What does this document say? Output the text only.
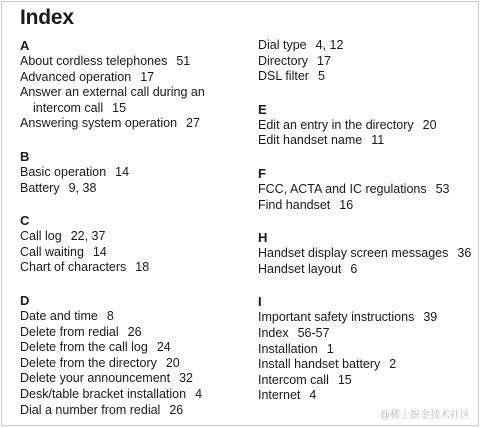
Index
A
About cordless telephones 51
Advanced operation 17
Answer an external call during an
intercom call 15
Answering system operation 27
B
Basic operation 14
Battery 9, 38
C
Call log 22, 37
Call waiting 14
Chart of characters 18
D
Date and time 8
Delete from redial 26
Delete from the call log 24
Delete from the directory 20
Delete your announcement 32
Desk/table bracket installation 4
Dial a number from redial 26
Dial type 4, 12
Directory 17
DSL filter 5
E
Edit an entry in the directory 20
Edit handset name 11
F
FCC, ACTA and IC regulations 53
Find handset 16
H
Handset display screen messages 36
Handset layout 6
I
Important safety instructions 39
Index 56-57
Installation 1
Install handset battery 2
Intercom call 15
Internet 4
@稀土掘金技术社区
